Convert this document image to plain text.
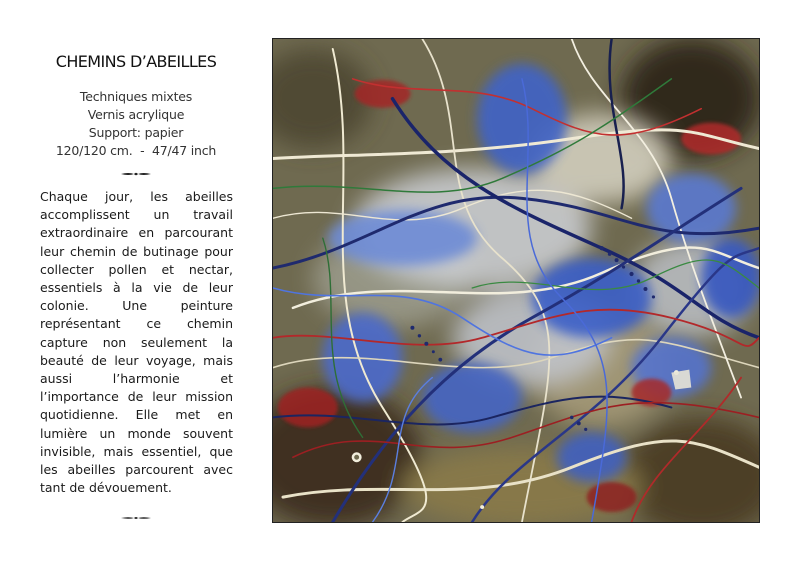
CHEMINS D’ABEILLES
Techniques mixtes
Vernis acrylique
Support: papier
120/120 cm.  -  47/47 inch

Chaque jour, les abeilles accomplissent un travail extraordinaire en parcourant leur chemin de butinage pour collecter pollen et nectar, essentiels à la vie de leur colonie. Une peinture représentant ce chemin capture non seulement la beauté de leur voyage, mais aussi l’harmonie et l’importance de leur mission quotidienne. Elle met en lumière un monde souvent invisible, mais essentiel, que les abeilles parcourent avec tant de dévouement.
